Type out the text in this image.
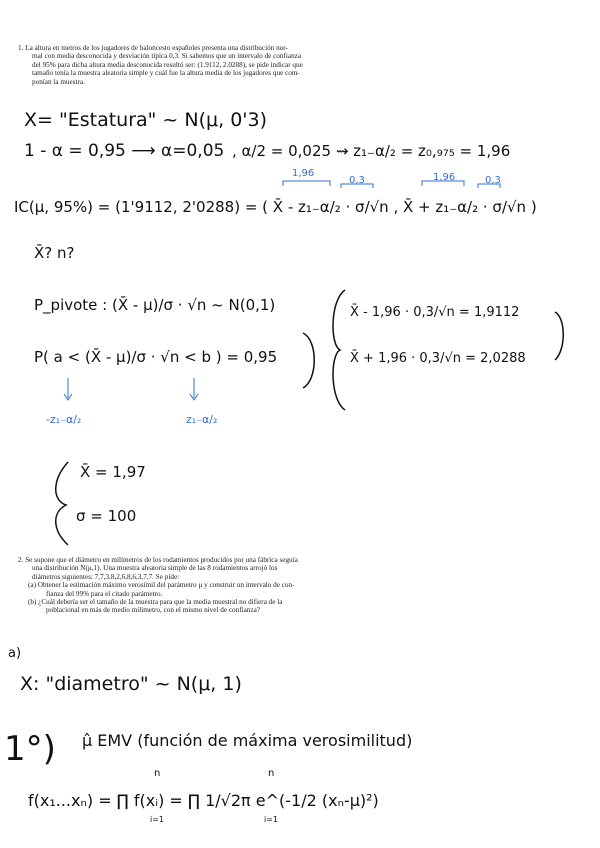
1. La altura en metros de los jugadores de baloncesto españoles presenta una distribución nor-
mal con media desconocida y desviación típica 0,3. Si sabemos que un intervalo de confianza
del 95% para dicha altura media desconocida resultó ser: (1.9112, 2.0288), se pide indicar que
tamaño tenía la muestra aleatoria simple y cuál fue la altura media de los jugadores que com-
ponían la muestra.
X= "Estatura" ~ N(μ, 0'3)
1 - α = 0,95 ⟶ α=0,05 , α/2 = 0,025 ⇝ z₁₋α/₂ = z₀,₉₇₅ = 1,96
1,96
0,3	1,96	0,3
IC(μ, 95%) = (1'9112, 2'0288) = ( X̄ - z₁₋α/₂ · σ/√n , X̄ + z₁₋α/₂ · σ/√n )
X̄? n?
P_pivote : (X̄ - μ)/σ · √n ~ N(0,1)
P( a < (X̄ - μ)/σ · √n < b ) = 0,95
X̄ - 1,96 · 0,3/√n = 1,9112
X̄ + 1,96 · 0,3/√n = 2,0288
-z₁₋α/₂	z₁₋α/₂
X̄ = 1,97
σ = 100
a)
X: "diametro" ~ N(μ, 1)
1°) μ̂ EMV (función de máxima verosimilitud)
n
i=1
n
i=1
f(x₁...xₙ) = ∏ f(xᵢ) = ∏ 1/√2π e^(-1/2 (xₙ-μ)²)
2. Se supone que el diámetro en milímetros de los rodamientos producidos por una fábrica seguía
una distribución N(μ,1). Una muestra aleatoria simple de las 8 rodamientos arrojó los
diámetros siguientes: 7,7,3,8,2,6,8,6,3,7,7. Se pide:
(a) Obtener la estimación máximo verosímil del parámetro μ y construir un intervalo de con-
fianza del 99% para el citado parámetro.
(b) ¿Cuál debería ser el tamaño de la muestra para que la media muestral no difiera de la
poblacional en más de medio milímetro, con el mismo nivel de confianza?
